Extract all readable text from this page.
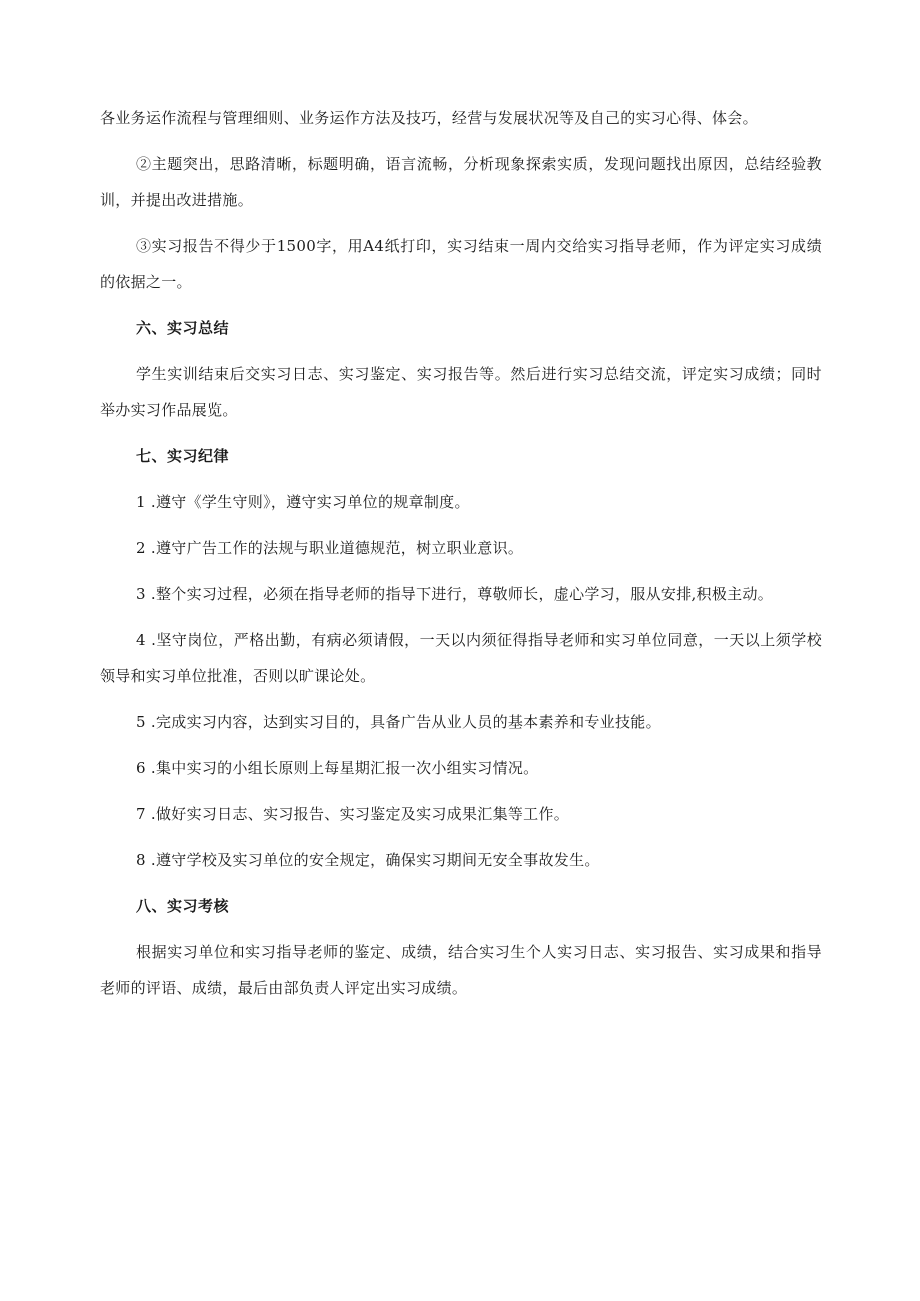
各业务运作流程与管理细则、业务运作方法及技巧，经营与发展状况等及自己的实习心得、体会。

②主题突出，思路清晰，标题明确，语言流畅，分析现象探索实质，发现问题找出原因，总结经验教训，并提出改进措施。

③实习报告不得少于1500字，用A4纸打印，实习结束一周内交给实习指导老师，作为评定实习成绩的依据之一。

六、实习总结

学生实训结束后交实习日志、实习鉴定、实习报告等。然后进行实习总结交流，评定实习成绩；同时举办实习作品展览。

七、实习纪律

1 .遵守《学生守则》，遵守实习单位的规章制度。

2 .遵守广告工作的法规与职业道德规范，树立职业意识。

3 .整个实习过程，必须在指导老师的指导下进行，尊敬师长，虚心学习，服从安排,积极主动。

4 .坚守岗位，严格出勤，有病必须请假，一天以内须征得指导老师和实习单位同意，一天以上须学校领导和实习单位批准，否则以旷课论处。

5 .完成实习内容，达到实习目的，具备广告从业人员的基本素养和专业技能。

6 .集中实习的小组长原则上每星期汇报一次小组实习情况。

7 .做好实习日志、实习报告、实习鉴定及实习成果汇集等工作。

8 .遵守学校及实习单位的安全规定，确保实习期间无安全事故发生。

八、实习考核

根据实习单位和实习指导老师的鉴定、成绩，结合实习生个人实习日志、实习报告、实习成果和指导老师的评语、成绩，最后由部负责人评定出实习成绩。
